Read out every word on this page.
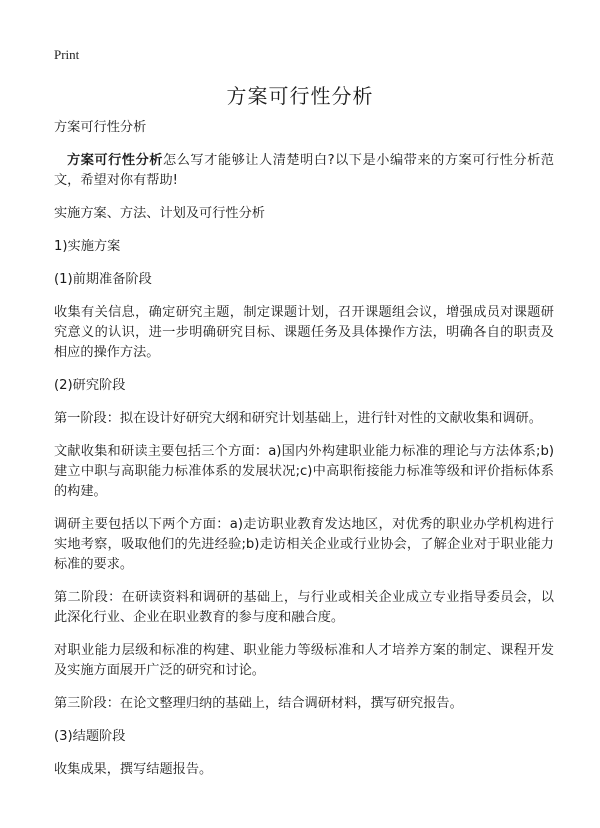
Print
方案可行性分析

方案可行性分析

方案可行性分析怎么写才能够让人清楚明白?以下是小编带来的方案可行性分析范文，希望对你有帮助!

实施方案、方法、计划及可行性分析

1)实施方案

(1)前期准备阶段

收集有关信息，确定研究主题，制定课题计划，召开课题组会议，增强成员对课题研究意义的认识，进一步明确研究目标、课题任务及具体操作方法，明确各自的职责及相应的操作方法。

(2)研究阶段

第一阶段：拟在设计好研究大纲和研究计划基础上，进行针对性的文献收集和调研。

文献收集和研读主要包括三个方面：a)国内外构建职业能力标准的理论与方法体系;b)建立中职与高职能力标准体系的发展状况;c)中高职衔接能力标准等级和评价指标体系的构建。

调研主要包括以下两个方面：a)走访职业教育发达地区，对优秀的职业办学机构进行实地考察，吸取他们的先进经验;b)走访相关企业或行业协会，了解企业对于职业能力标准的要求。

第二阶段：在研读资料和调研的基础上，与行业或相关企业成立专业指导委员会，以此深化行业、企业在职业教育的参与度和融合度。

对职业能力层级和标准的构建、职业能力等级标准和人才培养方案的制定、课程开发及实施方面展开广泛的研究和讨论。

第三阶段：在论文整理归纳的基础上，结合调研材料，撰写研究报告。

(3)结题阶段

收集成果，撰写结题报告。
